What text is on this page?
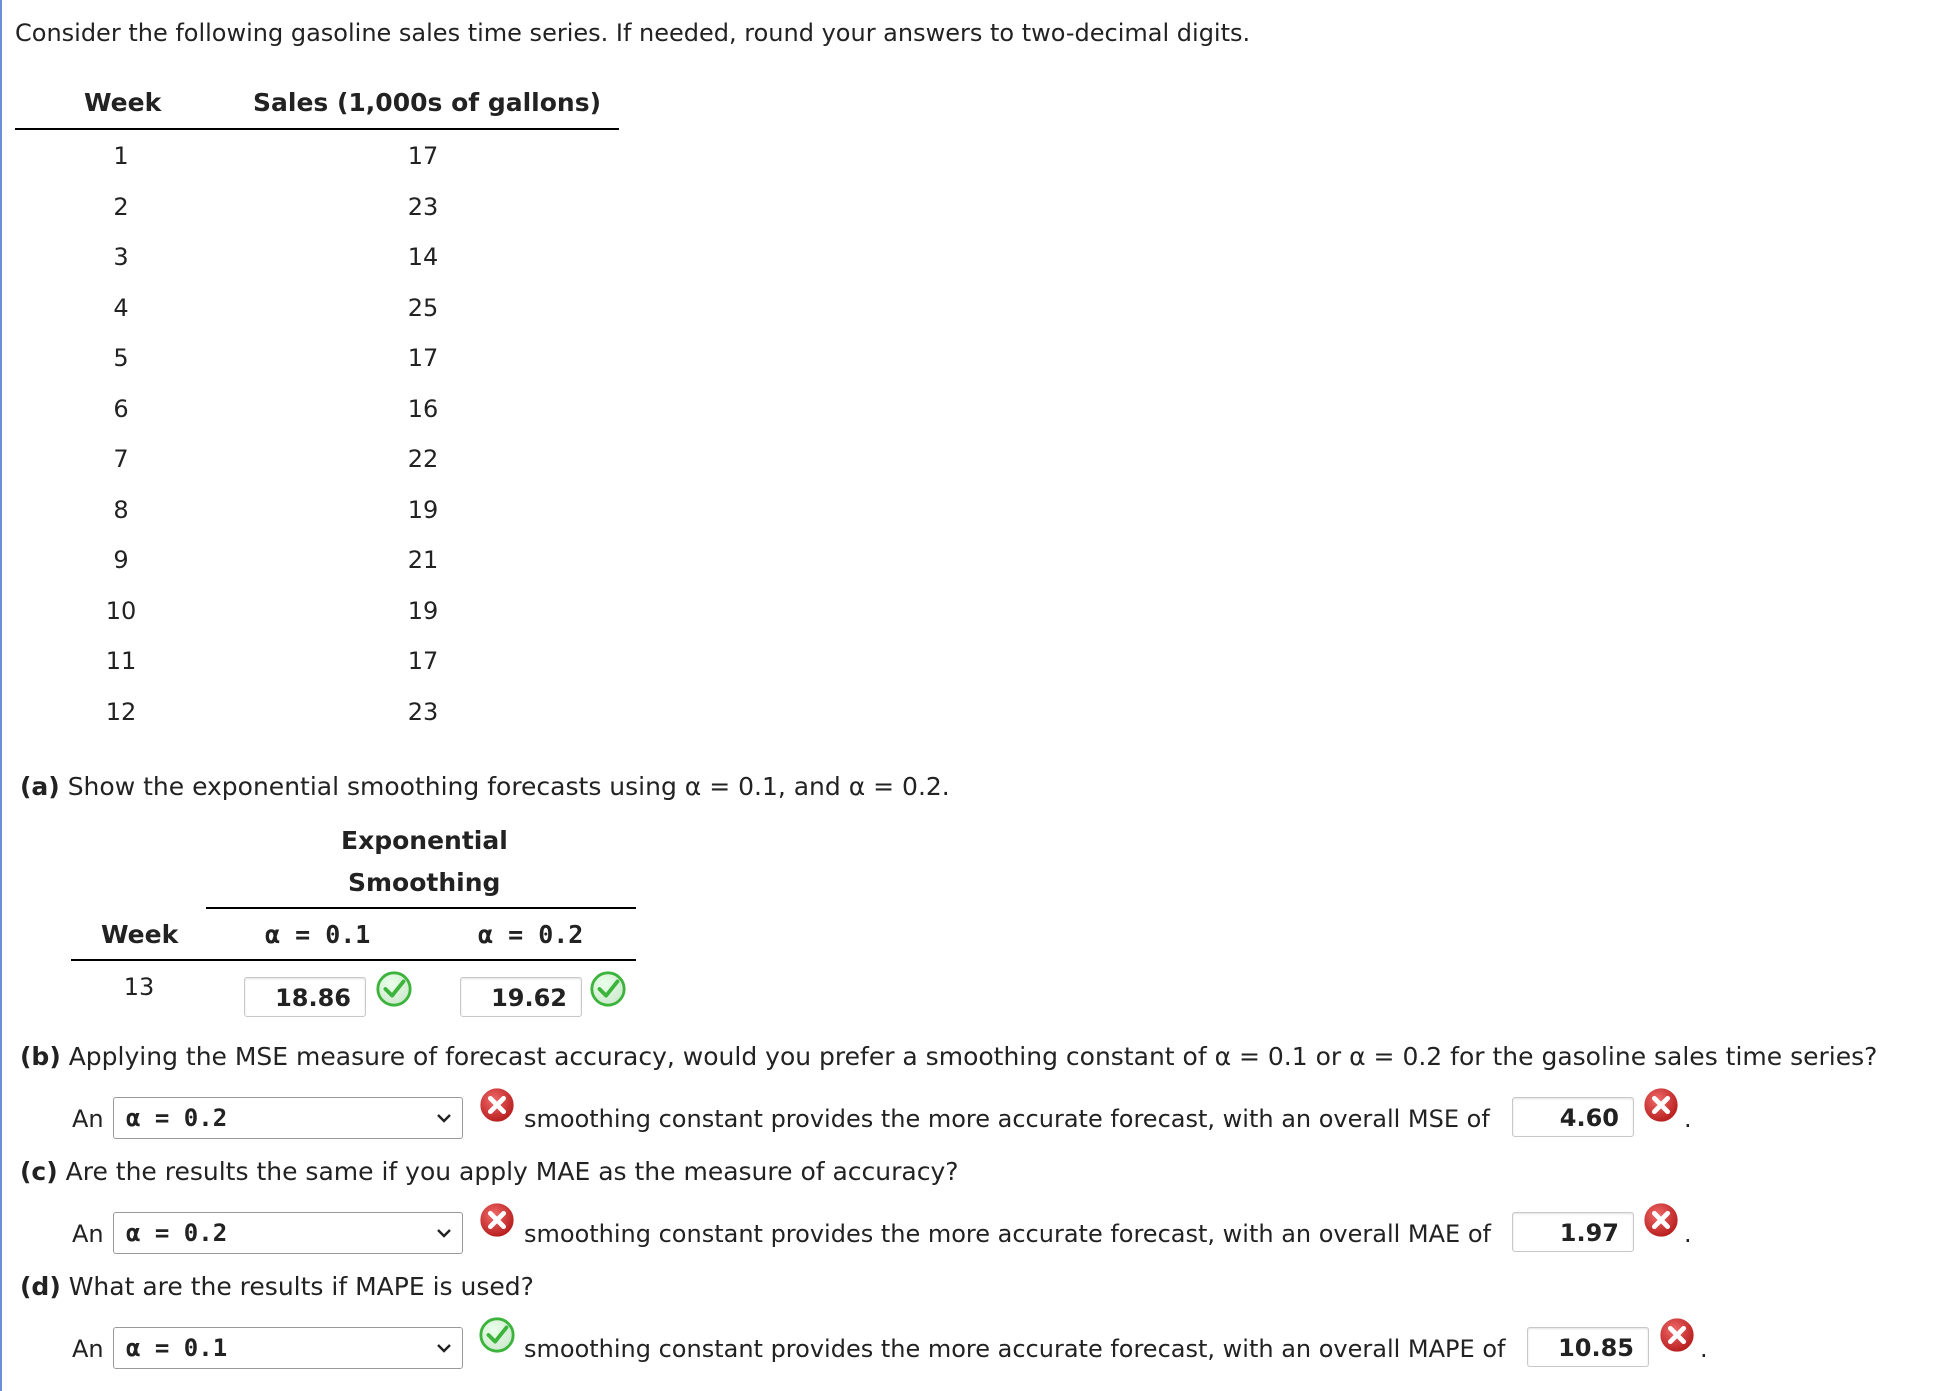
Consider the following gasoline sales time series. If needed, round your answers to two-decimal digits.
Week	Sales (1,000s of gallons)
1	17
2	23
3	14
4	25
5	17
6	16
7	22
8	19
9	21
10	19
11	17
12	23
(a) Show the exponential smoothing forecasts using α = 0.1, and α = 0.2.
Exponential
Smoothing
Week	α = 0.1	α = 0.2
13	18.86	19.62
(b) Applying the MSE measure of forecast accuracy, would you prefer a smoothing constant of α = 0.1 or α = 0.2 for the gasoline sales time series?
An α = 0.2	smoothing constant provides the more accurate forecast, with an overall MSE of	4.60	.
(c) Are the results the same if you apply MAE as the measure of accuracy?
An α = 0.2	smoothing constant provides the more accurate forecast, with an overall MAE of	1.97	.
(d) What are the results if MAPE is used?
An α = 0.1	smoothing constant provides the more accurate forecast, with an overall MAPE of	10.85	.
